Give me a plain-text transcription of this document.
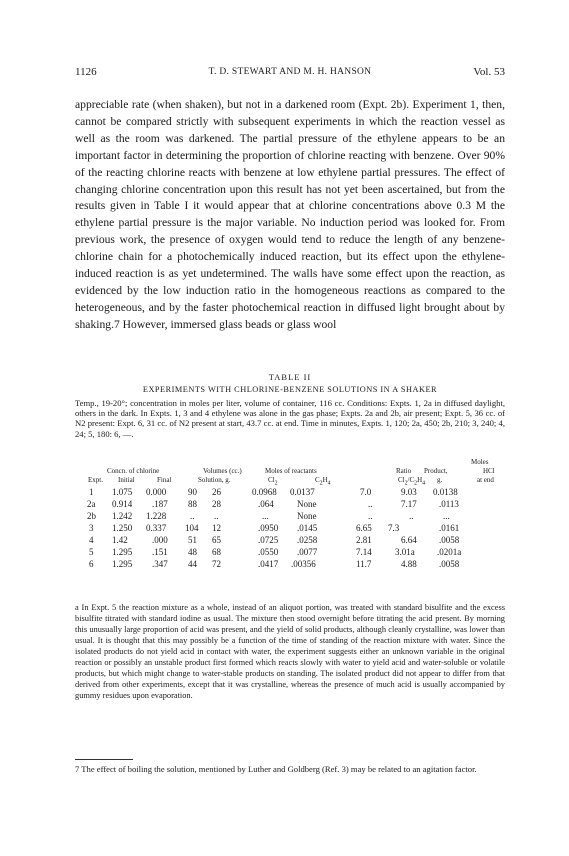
1126	T. D. STEWART AND M. H. HANSON	Vol. 53

appreciable rate (when shaken), but not in a darkened room (Expt. 2b). Experiment 1, then, cannot be compared strictly with subsequent experiments in which the reaction vessel as well as the room was darkened. The partial pressure of the ethylene appears to be an important factor in determining the proportion of chlorine reacting with benzene. Over 90% of the reacting chlorine reacts with benzene at low ethylene partial pressures. The effect of changing chlorine concentration upon this result has not yet been ascertained, but from the results given in Table I it would appear that at chlorine concentrations above 0.3 M the ethylene partial pressure is the major variable. No induction period was looked for. From previous work, the presence of oxygen would tend to reduce the length of any benzene-chlorine chain for a photochemically induced reaction, but its effect upon the ethylene-induced reaction is as yet undetermined. The walls have some effect upon the reaction, as evidenced by the low induction ratio in the homogeneous reactions as compared to the heterogeneous, and by the faster photochemical reaction in diffused light brought about by shaking.7 However, immersed glass beads or glass wool

TABLE II
EXPERIMENTS WITH CHLORINE-BENZENE SOLUTIONS IN A SHAKER

Temp., 19-20°; concentration in moles per liter, volume of container, 116 cc. Conditions: Expts. 1, 2a in diffused daylight, others in the dark. In Expts. 1, 3 and 4 ethylene was alone in the gas phase; Expts. 2a and 2b, air present; Expt. 5, 36 cc. of N2 present: Expt. 6, 31 cc. of N2 present at start, 43.7 cc. at end. Time in minutes, Expts. 1, 120; 2a, 450; 2b, 210; 3, 240; 4, 24; 5, 180: 6, —.

Moles
Concn. of chlorine	Volumes (cc.)	Moles of reactants	Ratio Product,	HCl
Expt. Initial	Final	Solution, g.	$Cl_2$	$C_2H_4$	$Cl_2/C_2H_4$ g.	at end
1 1.075 0.000 90 26	0.0968 0.0137	7.0	9.03 0.0138
2a 0.914 .187 88 28	.064	None	..	7.17 .0113
2b 1.242 1.228	.. ..	...	None	..	..	...
3 1.250 0.337 104 12	.0950 .0145	6.65 7.3	.0161
4 1.42	.000 51 65	.0725 .0258	2.81	6.64 .0058
5 1.295 .151 48 68	.0550 .0077	7.14	3.01a .0201a
6 1.295 .347 44 72	.0417 .00356	11.7	4.88 .0058

a In Expt. 5 the reaction mixture as a whole, instead of an aliquot portion, was treated with standard bisulfite and the excess bisulfite titrated with standard iodine as usual. The mixture then stood overnight before titrating the acid present. By morning this unusually large proportion of acid was present, and the yield of solid products, although cleanly crystalline, was lower than usual. It is thought that this may possibly be a function of the time of standing of the reaction mixture with water. Since the isolated products do not yield acid in contact with water, the experiment suggests either an unknown variable in the original reaction or possibly an unstable product first formed which reacts slowly with water to yield acid and water-soluble or volatile products, but which might change to water-stable products on standing. The isolated product did not appear to differ from that derived from other experiments, except that it was crystalline, whereas the presence of much acid is usually accompanied by gummy residues upon evaporation.

7 The effect of boiling the solution, mentioned by Luther and Goldberg (Ref. 3) may be related to an agitation factor.
